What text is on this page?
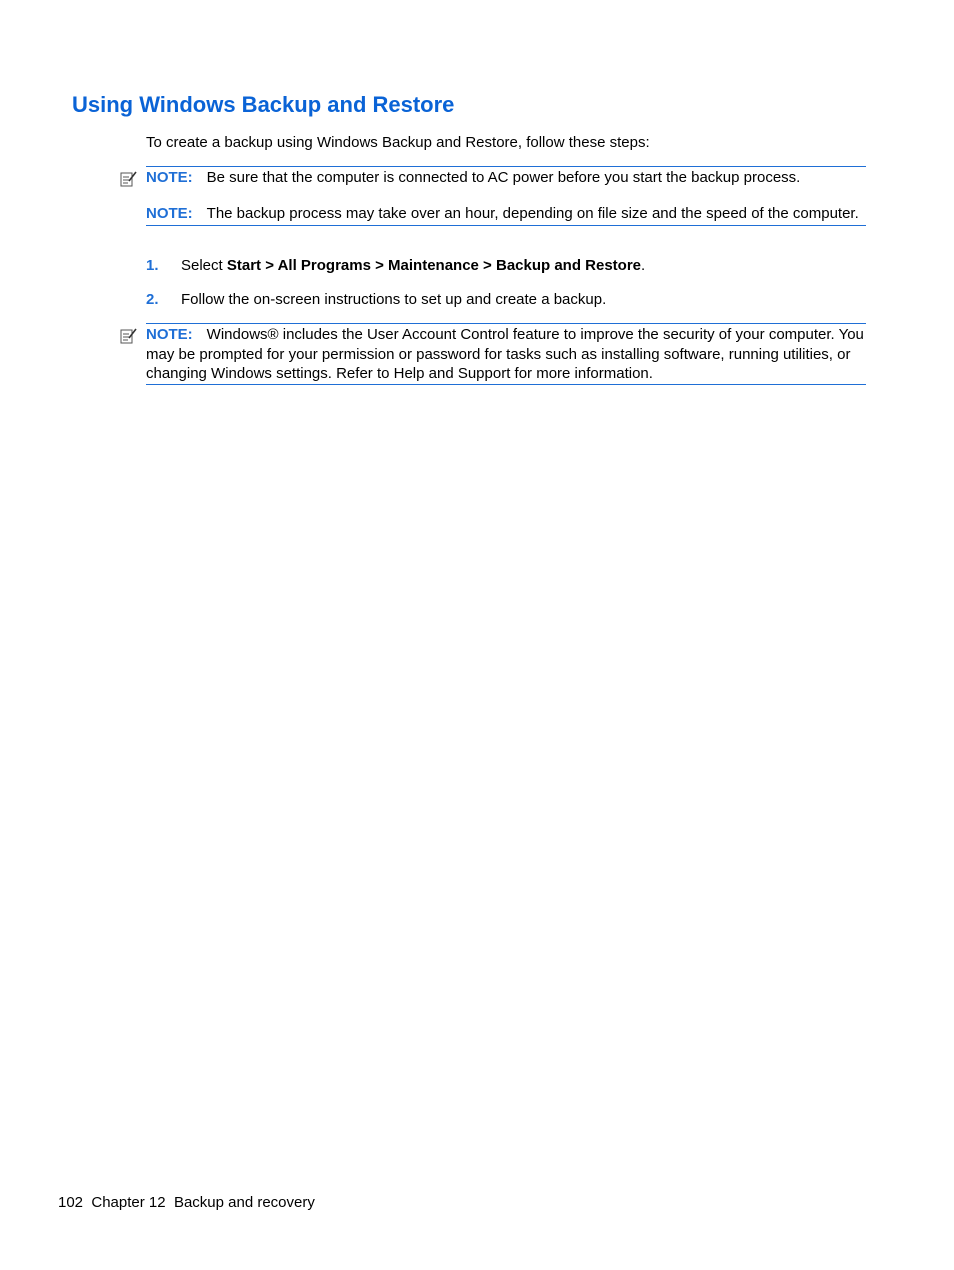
Using Windows Backup and Restore
To create a backup using Windows Backup and Restore, follow these steps:

NOTE: Be sure that the computer is connected to AC power before you start the backup process.

NOTE: The backup process may take over an hour, depending on file size and the speed of the computer.

1.	Select Start > All Programs > Maintenance > Backup and Restore.
2.	Follow the on-screen instructions to set up and create a backup.

NOTE: Windows® includes the User Account Control feature to improve the security of your computer. You may be prompted for your permission or password for tasks such as installing software, running utilities, or changing Windows settings. Refer to Help and Support for more information.

102 Chapter 12 Backup and recovery
